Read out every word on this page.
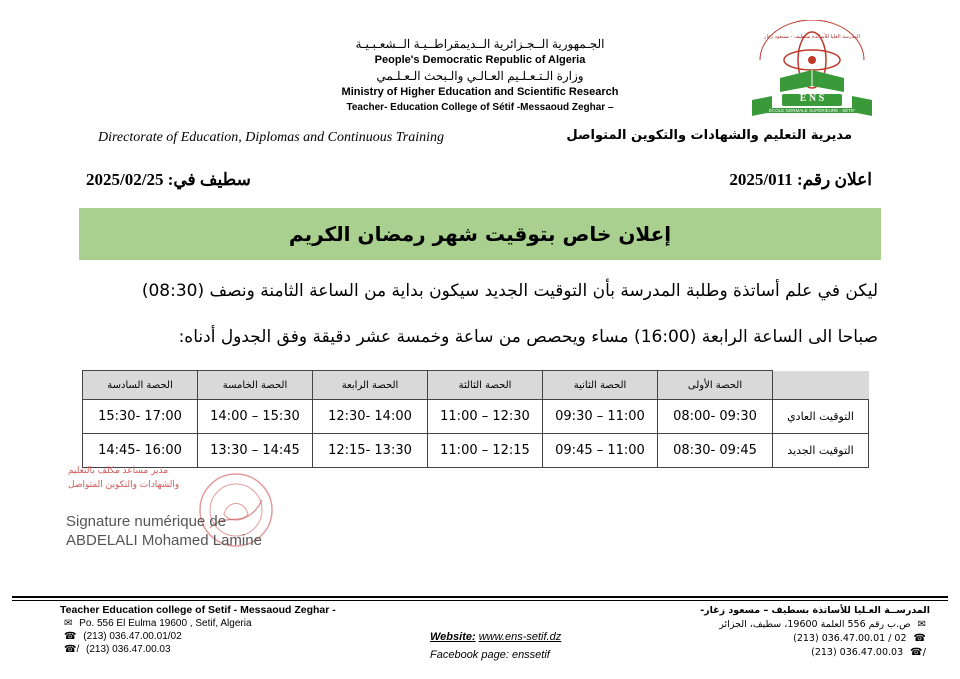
الجـمهورية الــجـزائرية الــديمقراطــيـة الــشعـبـيـة
People's Democratic Republic of Algeria
وزارة الـتـعـلـيم العـالـي والـبحث الـعـلـمي
Ministry of Higher Education and Scientific Research
Teacher- Education College of Sétif -Messaoud Zeghar –
E N S
ÉCOLE NORMALE SUPÉRIEURE - SÉTIF
المدرسة العليا للأساتذة بسطيف - مسعود زغار
Directorate of Education, Diplomas and Continuous Training	مديرية التعليم والشهادات والتكوين المتواصل
سطيف في: 2025/02/25	اعلان رقم: 2025/011
إعلان خاص بتوقيت شهر رمضان الكريم
ليكن في علم أساتذة وطلبة المدرسة بأن التوقيت الجديد سيكون بداية من الساعة الثامنة ونصف (08:30)
صباحا الى الساعة الرابعة (16:00) مساء ويحصص من ساعة وخمسة عشر دقيقة وفق الجدول أدناه:
الحصة السادسة	الحصة الخامسة	الحصة الرابعة	الحصة الثالثة	الحصة الثانية	الحصة الأولى	
15:30- 17:00	14:00 – 15:30	12:30- 14:00	11:00 – 12:30	09:30 – 11:00	08:00- 09:30	التوقيت العادي
14:45- 16:00	13:30 – 14:45	12:15- 13:30	11:00 – 12:15	09:45 – 11:00	08:30- 09:45	التوقيت الجديد
مدير مساعد مكلف بالتعليم
والشهادات والتكوين المتواصل
Signature numérique de
ABDELALI Mohamed Lamine
Teacher Education college of Setif - Messaoud Zeghar -
✉ Po. 556 El Eulma 19600 , Setif, Algeria
☎ (213) 036.47.00.01/02
☎/ (213) 036.47.00.03
Website: www.ens-setif.dz
Facebook page: enssetif
المدرســة العـليا للأساتذة بسطيف – مسعود زغار-
ص.ب رقم 556 العلمة 19600، سطيف، الجزائر ✉
(213) 036.47.00.01 / 02 ☎
(213) 036.47.00.03 ☎/
